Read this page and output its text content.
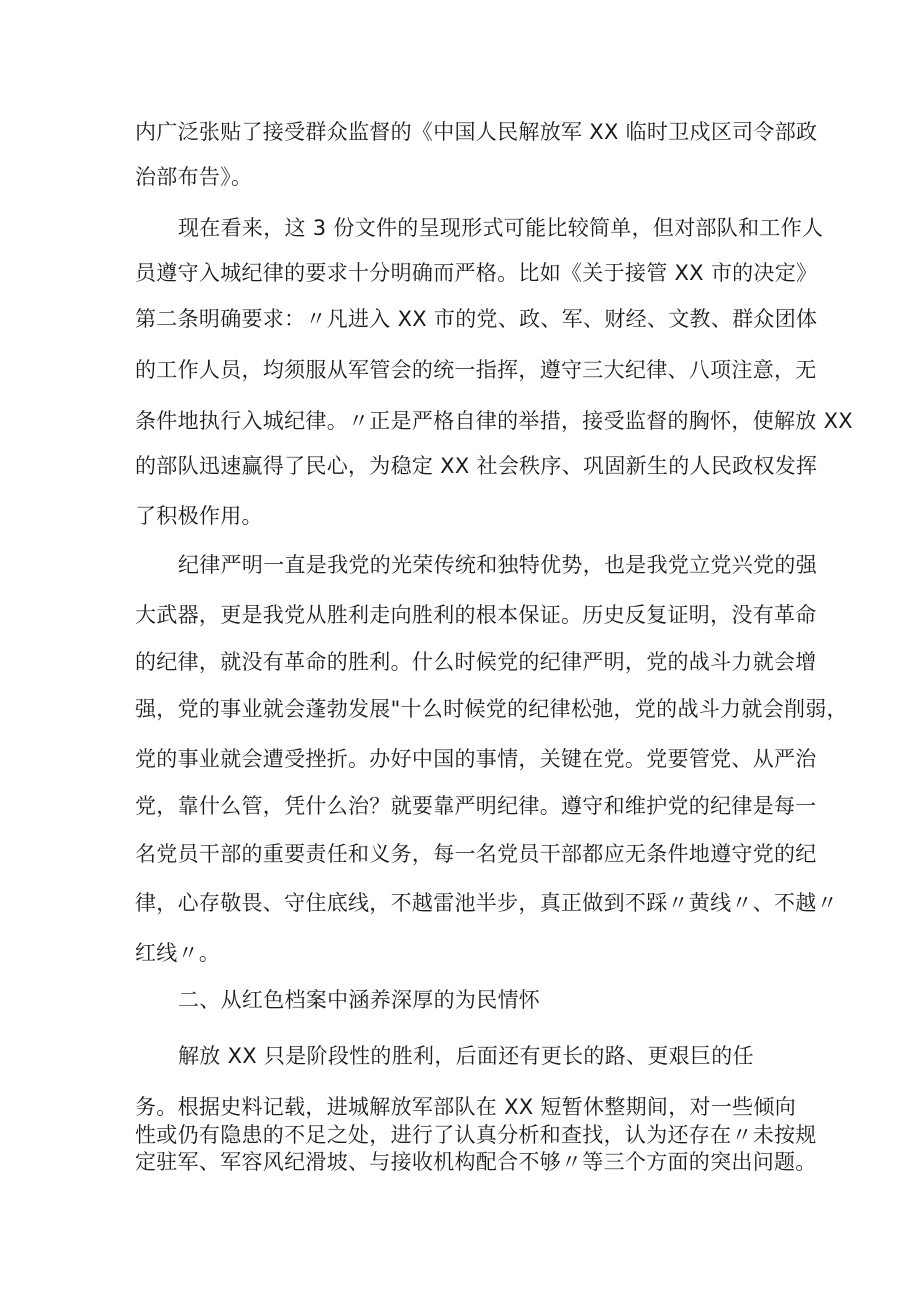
内广泛张贴了接受群众监督的《中国人民解放军 XX 临时卫戍区司令部政
治部布告》。
现在看来，这 3 份文件的呈现形式可能比较简单，但对部队和工作人
员遵守入城纪律的要求十分明确而严格。比如《关于接管 XX 市的决定》
第二条明确要求：〃凡进入 XX 市的党、政、军、财经、文教、群众团体
的工作人员，均须服从军管会的统一指挥，遵守三大纪律、八项注意，无
条件地执行入城纪律。〃正是严格自律的举措，接受监督的胸怀，使解放 XX
的部队迅速赢得了民心，为稳定 XX 社会秩序、巩固新生的人民政权发挥
了积极作用。
纪律严明一直是我党的光荣传统和独特优势，也是我党立党兴党的强
大武器，更是我党从胜利走向胜利的根本保证。历史反复证明，没有革命
的纪律，就没有革命的胜利。什么时候党的纪律严明，党的战斗力就会增
强，党的事业就会蓬勃发展"十么时候党的纪律松弛，党的战斗力就会削弱，
党的事业就会遭受挫折。办好中国的事情，关键在党。党要管党、从严治
党，靠什么管，凭什么治？就要靠严明纪律。遵守和维护党的纪律是每一
名党员干部的重要责任和义务，每一名党员干部都应无条件地遵守党的纪
律，心存敬畏、守住底线，不越雷池半步，真正做到不踩〃黄线〃、不越〃
红线〃。
二、从红色档案中涵养深厚的为民情怀
解放 XX 只是阶段性的胜利，后面还有更长的路、更艰巨的任
务。根据史料记载，进城解放军部队在 XX 短暂休整期间，对一些倾向
性或仍有隐患的不足之处，进行了认真分析和查找，认为还存在〃未按规
定驻军、军容风纪滑坡、与接收机构配合不够〃等三个方面的突出问题。
